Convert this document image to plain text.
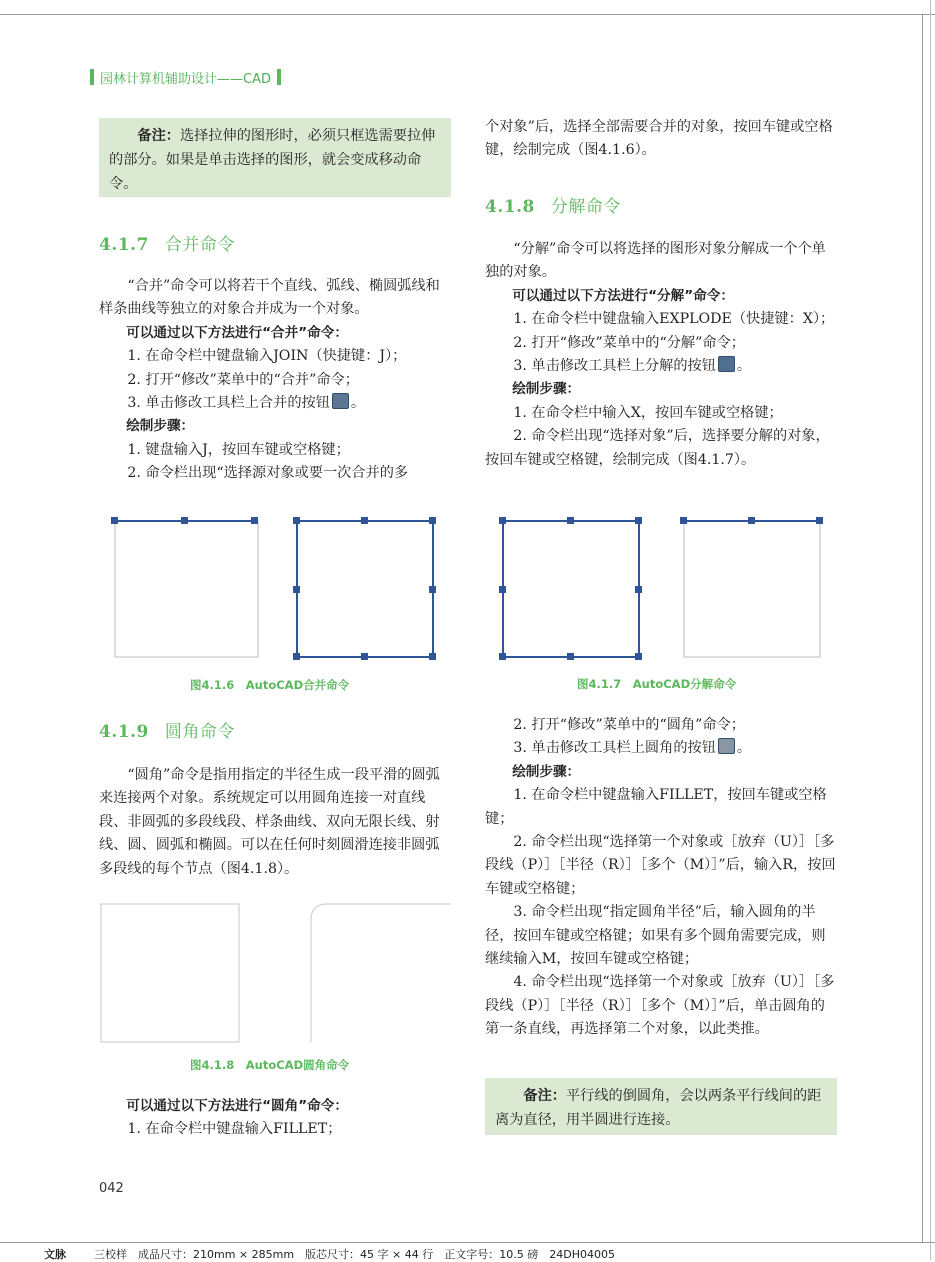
园林计算机辅助设计——CAD
备注：选择拉伸的图形时，必须只框选需要拉伸的部分。如果是单击选择的图形，就会变成移动命令。
4.1.7 合并命令

“合并”命令可以将若干个直线、弧线、椭圆弧线和样条曲线等独立的对象合并成为一个对象。

可以通过以下方法进行“合并”命令：

1. 在命令栏中键盘输入JOIN（快捷键：J）；

2. 打开“修改”菜单中的“合并”命令；

3. 单击修改工具栏上合并的按钮 。

绘制步骤：

1. 键盘输入J，按回车键或空格键；

2. 命令栏出现“选择源对象或要一次合并的多

图4.1.6　AutoCAD合并命令
4.1.9 圆角命令

“圆角”命令是指用指定的半径生成一段平滑的圆弧来连接两个对象。系统规定可以用圆角连接一对直线段、非圆弧的多段线段、样条曲线、双向无限长线、射线、圆、圆弧和椭圆。可以在任何时刻圆滑连接非圆弧多段线的每个节点（图4.1.8）。

图4.1.8　AutoCAD圆角命令

可以通过以下方法进行“圆角”命令：

1. 在命令栏中键盘输入FILLET；

个对象”后，选择全部需要合并的对象，按回车键或空格键，绘制完成（图4.1.6）。

4.1.8 分解命令

“分解”命令可以将选择的图形对象分解成一个个单独的对象。

可以通过以下方法进行“分解”命令：

1. 在命令栏中键盘输入EXPLODE（快捷键：X）；

2. 打开“修改”菜单中的“分解”命令；

3. 单击修改工具栏上分解的按钮 。

绘制步骤：

1. 在命令栏中输入X，按回车键或空格键；

2. 命令栏出现“选择对象”后，选择要分解的对象，按回车键或空格键，绘制完成（图4.1.7）。

图4.1.7　AutoCAD分解命令

2. 打开“修改”菜单中的“圆角”命令；

3. 单击修改工具栏上圆角的按钮 。

绘制步骤：

1. 在命令栏中键盘输入FILLET，按回车键或空格键；

2. 命令栏出现“选择第一个对象或［放弃（U）］［多段线（P）］［半径（R）］［多个（M）］”后，输入R，按回车键或空格键；

3. 命令栏出现“指定圆角半径”后，输入圆角的半径，按回车键或空格键；如果有多个圆角需要完成，则继续输入M，按回车键或空格键；

4. 命令栏出现“选择第一个对象或［放弃（U）］［多段线（P）］［半径（R）］［多个（M）］”后，单击圆角的第一条直线，再选择第二个对象，以此类推。

备注：平行线的倒圆角，会以两条平行线间的距离为直径，用半圆进行连接。
042
文脉	三校样　成品尺寸：210mm × 285mm　版芯尺寸：45 字 × 44 行　正文字号：10.5 磅　24DH04005
